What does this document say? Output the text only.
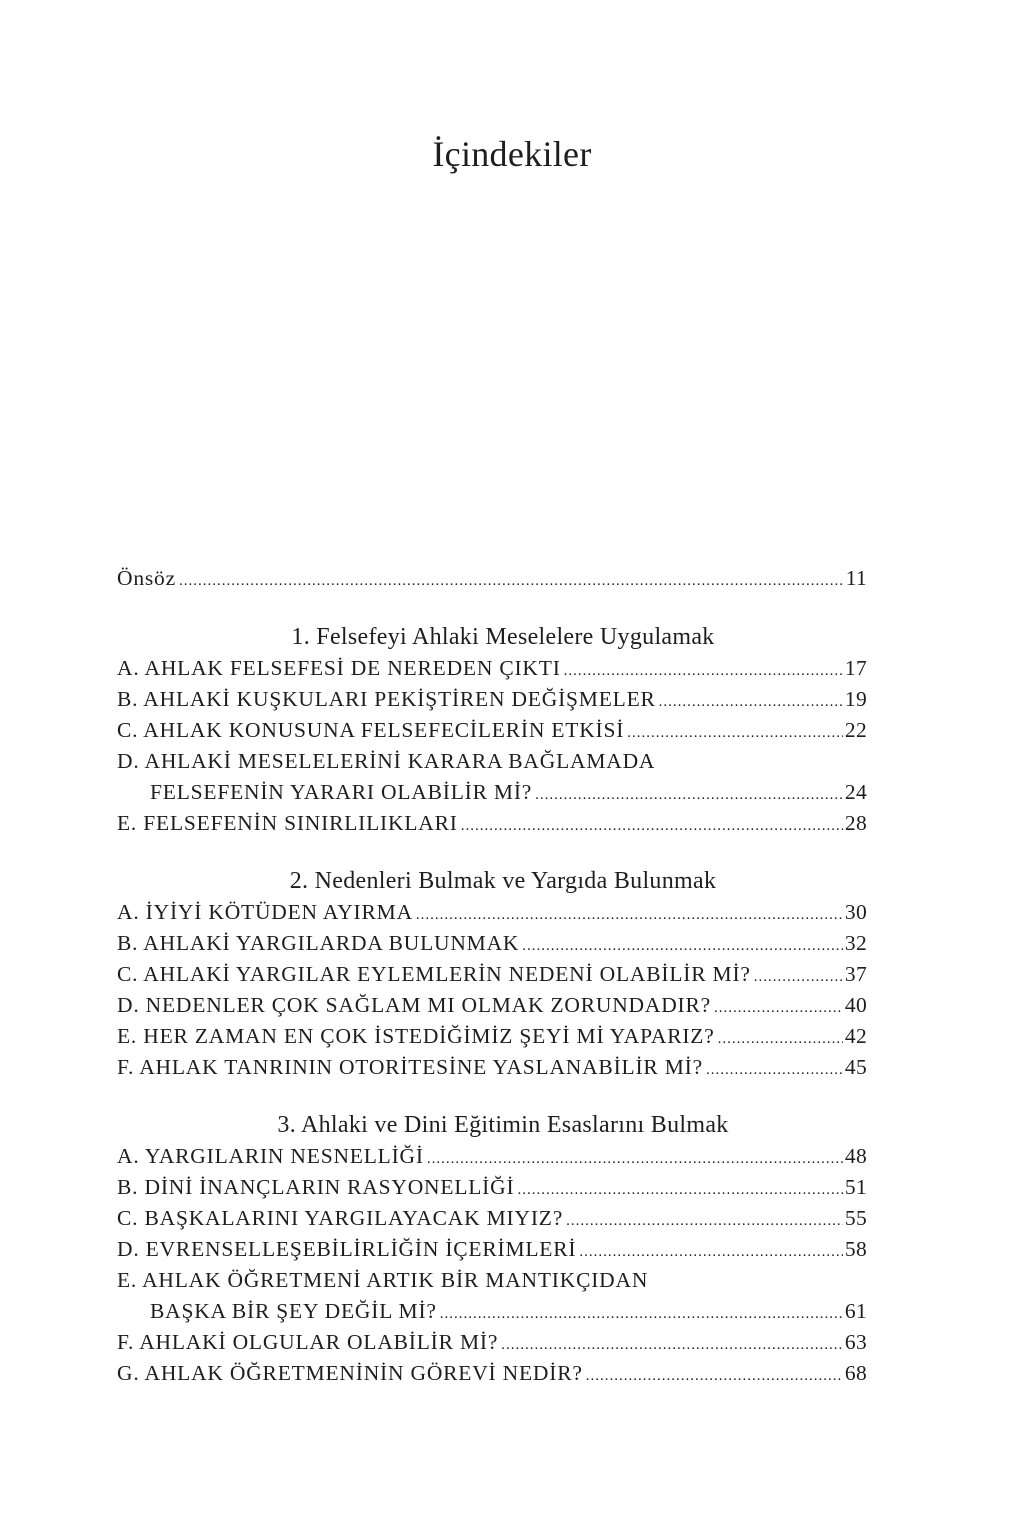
İçindekiler
Önsöz .....	11
1. Felsefeyi Ahlaki Meselelere Uygulamak
A. AHLAK FELSEFESİ DE NEREDEN ÇIKTI .....	17
B. AHLAKİ KUŞKULARI PEKİŞTİREN DEĞİŞMELER .....	19
C. AHLAK KONUSUNA FELSEFECİLERİN ETKİSİ .....	22
D. AHLAKİ MESELELERİNİ KARARA BAĞLAMADA
FELSEFENİN YARARI OLABİLİR Mİ? .....	24
E. FELSEFENİN SINIRLILIKLARI .....	28
2. Nedenleri Bulmak ve Yargıda Bulunmak
A. İYİYİ KÖTÜDEN AYIRMA .....	30
B. AHLAKİ YARGILARDA BULUNMAK .....	32
C. AHLAKİ YARGILAR EYLEMLERİN NEDENİ OLABİLİR Mİ? .....	37
D. NEDENLER ÇOK SAĞLAM MI OLMAK ZORUNDADIR? .....	40
E. HER ZAMAN EN ÇOK İSTEDİĞİMİZ ŞEYİ Mİ YAPARIZ? .....	42
F. AHLAK TANRININ OTORİTESİNE YASLANABİLİR Mİ? .....	45
3. Ahlaki ve Dini Eğitimin Esaslarını Bulmak
A. YARGILARIN NESNELLİĞİ .....	48
B. DİNİ İNANÇLARIN RASYONELLİĞİ .....	51
C. BAŞKALARINI YARGILAYACAK MIYIZ? .....	55
D. EVRENSELLEŞEBİLİRLİĞİN İÇERİMLERİ .....	58
E. AHLAK ÖĞRETMENİ ARTIK BİR MANTIKÇIDAN
BAŞKA BİR ŞEY DEĞİL Mİ? .....	61
F. AHLAKİ OLGULAR OLABİLİR Mİ? .....	63
G. AHLAK ÖĞRETMENİNİN GÖREVİ NEDİR? .....	68
